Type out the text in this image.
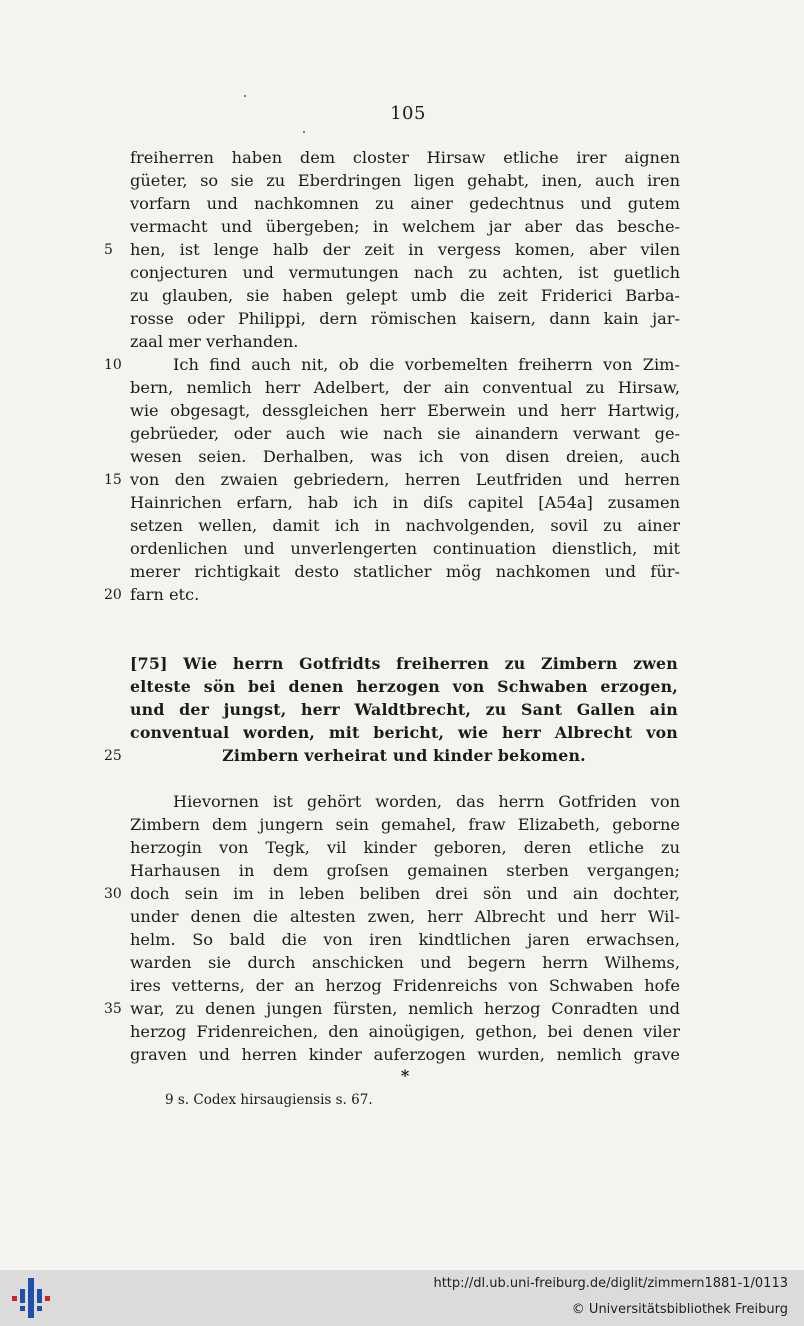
105
freiherren haben dem closter Hirsaw etliche irer aignen
güeter, so sie zu Eberdringen ligen gehabt, inen, auch iren
vorfarn und nachkomnen zu ainer gedechtnus und gutem
vermacht und übergeben; in welchem jar aber das besche-
hen, ist lenge halb der zeit in vergess komen, aber vilen
conjecturen und vermutungen nach zu achten, ist guetlich
zu glauben, sie haben gelept umb die zeit Friderici Barba-
rosse oder Philippi, dern römischen kaisern, dann kain jar-
zaal mer verhanden.
Ich find auch nit, ob die vorbemelten freiherrn von Zim-
bern, nemlich herr Adelbert, der ain conventual zu Hirsaw,
wie obgesagt, dessgleichen herr Eberwein und herr Hartwig,
gebrüeder, oder auch wie nach sie ainandern verwant ge-
wesen seien. Derhalben, was ich von disen dreien, auch
von den zwaien gebriedern, herren Leutfriden und herren
Hainrichen erfarn, hab ich in diſs capitel [A54a] zusamen
setzen wellen, damit ich in nachvolgenden, sovil zu ainer
ordenlichen und unverlengerten continuation dienstlich, mit
merer richtigkait desto statlicher mög nachkomen und für-
farn etc.
[75] Wie herrn Gotfridts freiherren zu Zimbern zwen
elteste sön bei denen herzogen von Schwaben erzogen,
und der jungst, herr Waldtbrecht, zu Sant Gallen ain
conventual worden, mit bericht, wie herr Albrecht von
Zimbern verheirat und kinder bekomen.
Hievornen ist gehört worden, das herrn Gotfriden von
Zimbern dem jungern sein gemahel, fraw Elizabeth, geborne
herzogin von Tegk, vil kinder geboren, deren etliche zu
Harhausen in dem groſsen gemainen sterben vergangen;
doch sein im in leben beliben drei sön und ain dochter,
under denen die altesten zwen, herr Albrecht und herr Wil-
helm. So bald die von iren kindtlichen jaren erwachsen,
warden sie durch anschicken und begern herrn Wilhems,
ires vetterns, der an herzog Fridenreichs von Schwaben hofe
war, zu denen jungen fürsten, nemlich herzog Conradten und
herzog Fridenreichen, den ainoügigen, gethon, bei denen viler
graven und herren kinder auferzogen wurden, nemlich grave
5
10
15
20
25
30
35
*
9 s. Codex hirsaugiensis s. 67.
http://dl.ub.uni-freiburg.de/diglit/zimmern1881-1/0113
© Universitätsbibliothek Freiburg
